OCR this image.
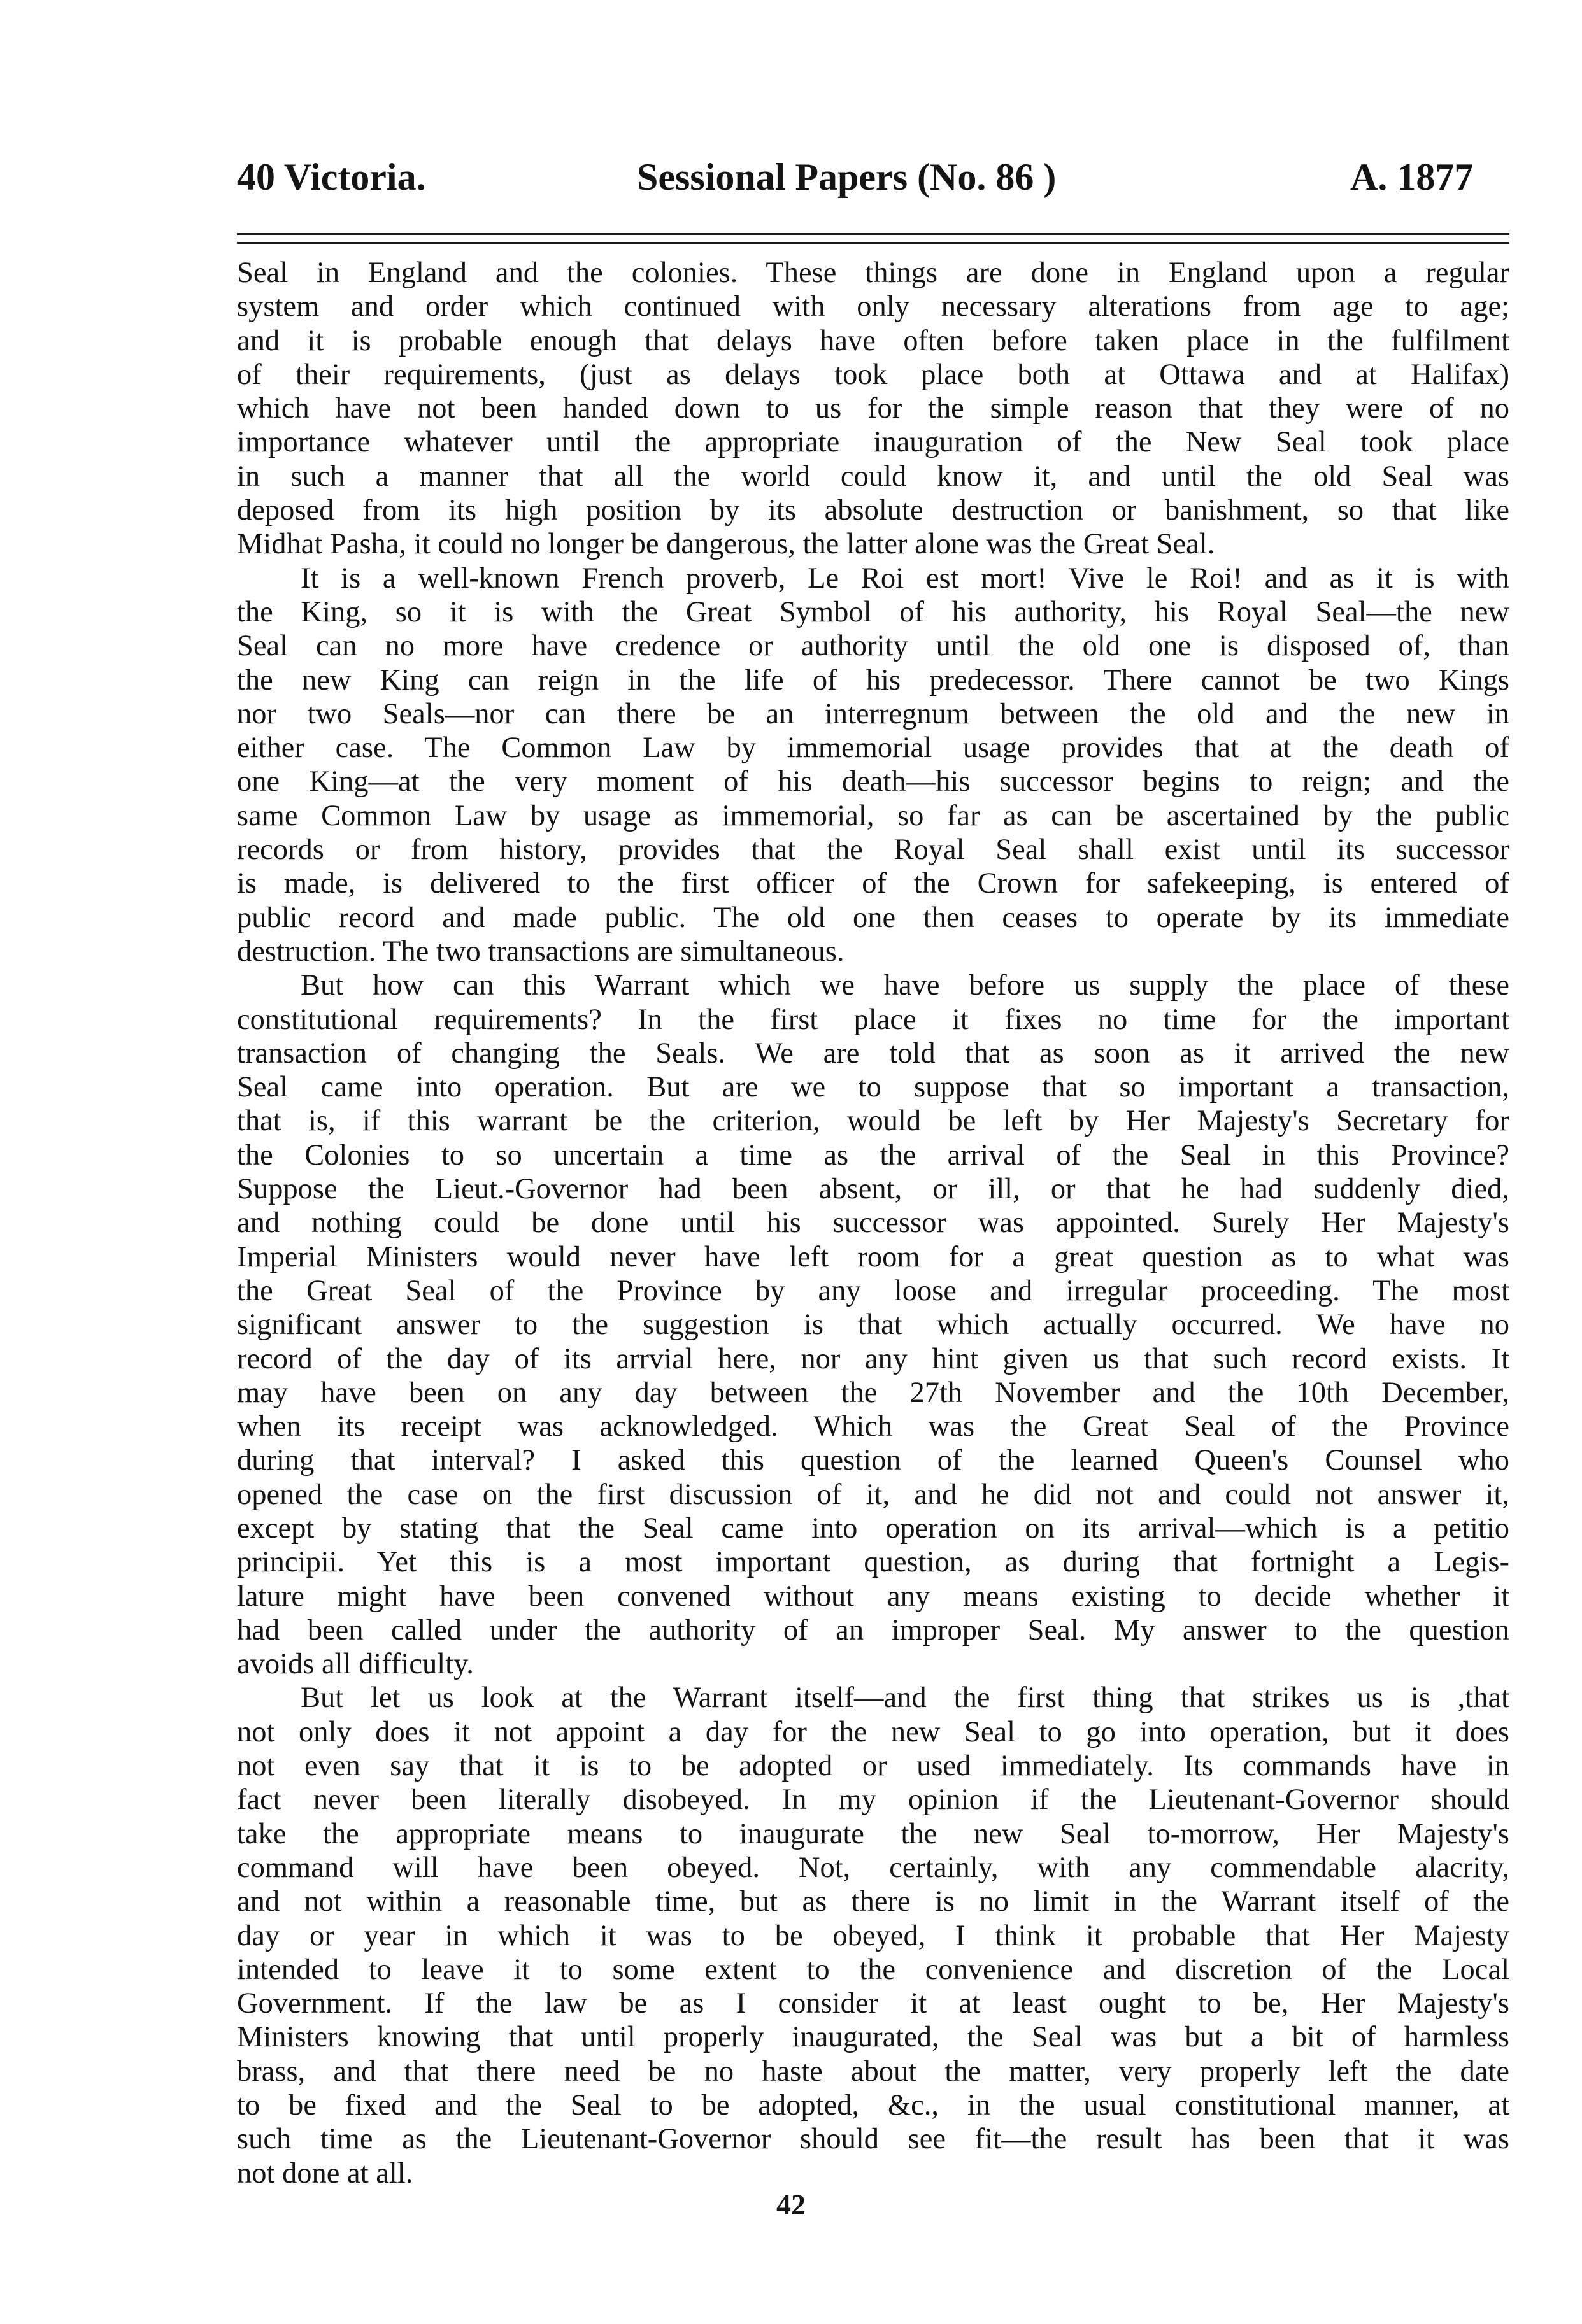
40 Victoria.	Sessional Papers (No. 86 )	A. 1877
Seal in England and the colonies. These things are done in England upon a regular
system and order which continued with only necessary alterations from age to age;
and it is probable enough that delays have often before taken place in the fulfilment
of their requirements, (just as delays took place both at Ottawa and at Halifax)
which have not been handed down to us for the simple reason that they were of no
importance whatever until the appropriate inauguration of the New Seal took place
in such a manner that all the world could know it, and until the old Seal was
deposed from its high position by its absolute destruction or banishment, so that like
Midhat Pasha, it could no longer be dangerous, the latter alone was the Great Seal.
It is a well-known French proverb, Le Roi est mort! Vive le Roi! and as it is with
the King, so it is with the Great Symbol of his authority, his Royal Seal—the new
Seal can no more have credence or authority until the old one is disposed of, than
the new King can reign in the life of his predecessor. There cannot be two Kings
nor two Seals—nor can there be an interregnum between the old and the new in
either case. The Common Law by immemorial usage provides that at the death of
one King—at the very moment of his death—his successor begins to reign; and the
same Common Law by usage as immemorial, so far as can be ascertained by the public
records or from history, provides that the Royal Seal shall exist until its successor
is made, is delivered to the first officer of the Crown for safekeeping, is entered of
public record and made public. The old one then ceases to operate by its immediate
destruction. The two transactions are simultaneous.
But how can this Warrant which we have before us supply the place of these
constitutional requirements? In the first place it fixes no time for the important
transaction of changing the Seals. We are told that as soon as it arrived the new
Seal came into operation. But are we to suppose that so important a transaction,
that is, if this warrant be the criterion, would be left by Her Majesty's Secretary for
the Colonies to so uncertain a time as the arrival of the Seal in this Province?
Suppose the Lieut.-Governor had been absent, or ill, or that he had suddenly died,
and nothing could be done until his successor was appointed. Surely Her Majesty's
Imperial Ministers would never have left room for a great question as to what was
the Great Seal of the Province by any loose and irregular proceeding. The most
significant answer to the suggestion is that which actually occurred. We have no
record of the day of its arrvial here, nor any hint given us that such record exists. It
may have been on any day between the 27th November and the 10th December,
when its receipt was acknowledged. Which was the Great Seal of the Province
during that interval? I asked this question of the learned Queen's Counsel who
opened the case on the first discussion of it, and he did not and could not answer it,
except by stating that the Seal came into operation on its arrival—which is a petitio
principii. Yet this is a most important question, as during that fortnight a Legis-
lature might have been convened without any means existing to decide whether it
had been called under the authority of an improper Seal. My answer to the question
avoids all difficulty.
But let us look at the Warrant itself—and the first thing that strikes us is ,that
not only does it not appoint a day for the new Seal to go into operation, but it does
not even say that it is to be adopted or used immediately. Its commands have in
fact never been literally disobeyed. In my opinion if the Lieutenant-Governor should
take the appropriate means to inaugurate the new Seal to-morrow, Her Majesty's
command will have been obeyed. Not, certainly, with any commendable alacrity,
and not within a reasonable time, but as there is no limit in the Warrant itself of the
day or year in which it was to be obeyed, I think it probable that Her Majesty
intended to leave it to some extent to the convenience and discretion of the Local
Government. If the law be as I consider it at least ought to be, Her Majesty's
Ministers knowing that until properly inaugurated, the Seal was but a bit of harmless
brass, and that there need be no haste about the matter, very properly left the date
to be fixed and the Seal to be adopted, &c., in the usual constitutional manner, at
such time as the Lieutenant-Governor should see fit—the result has been that it was
not done at all.
42
